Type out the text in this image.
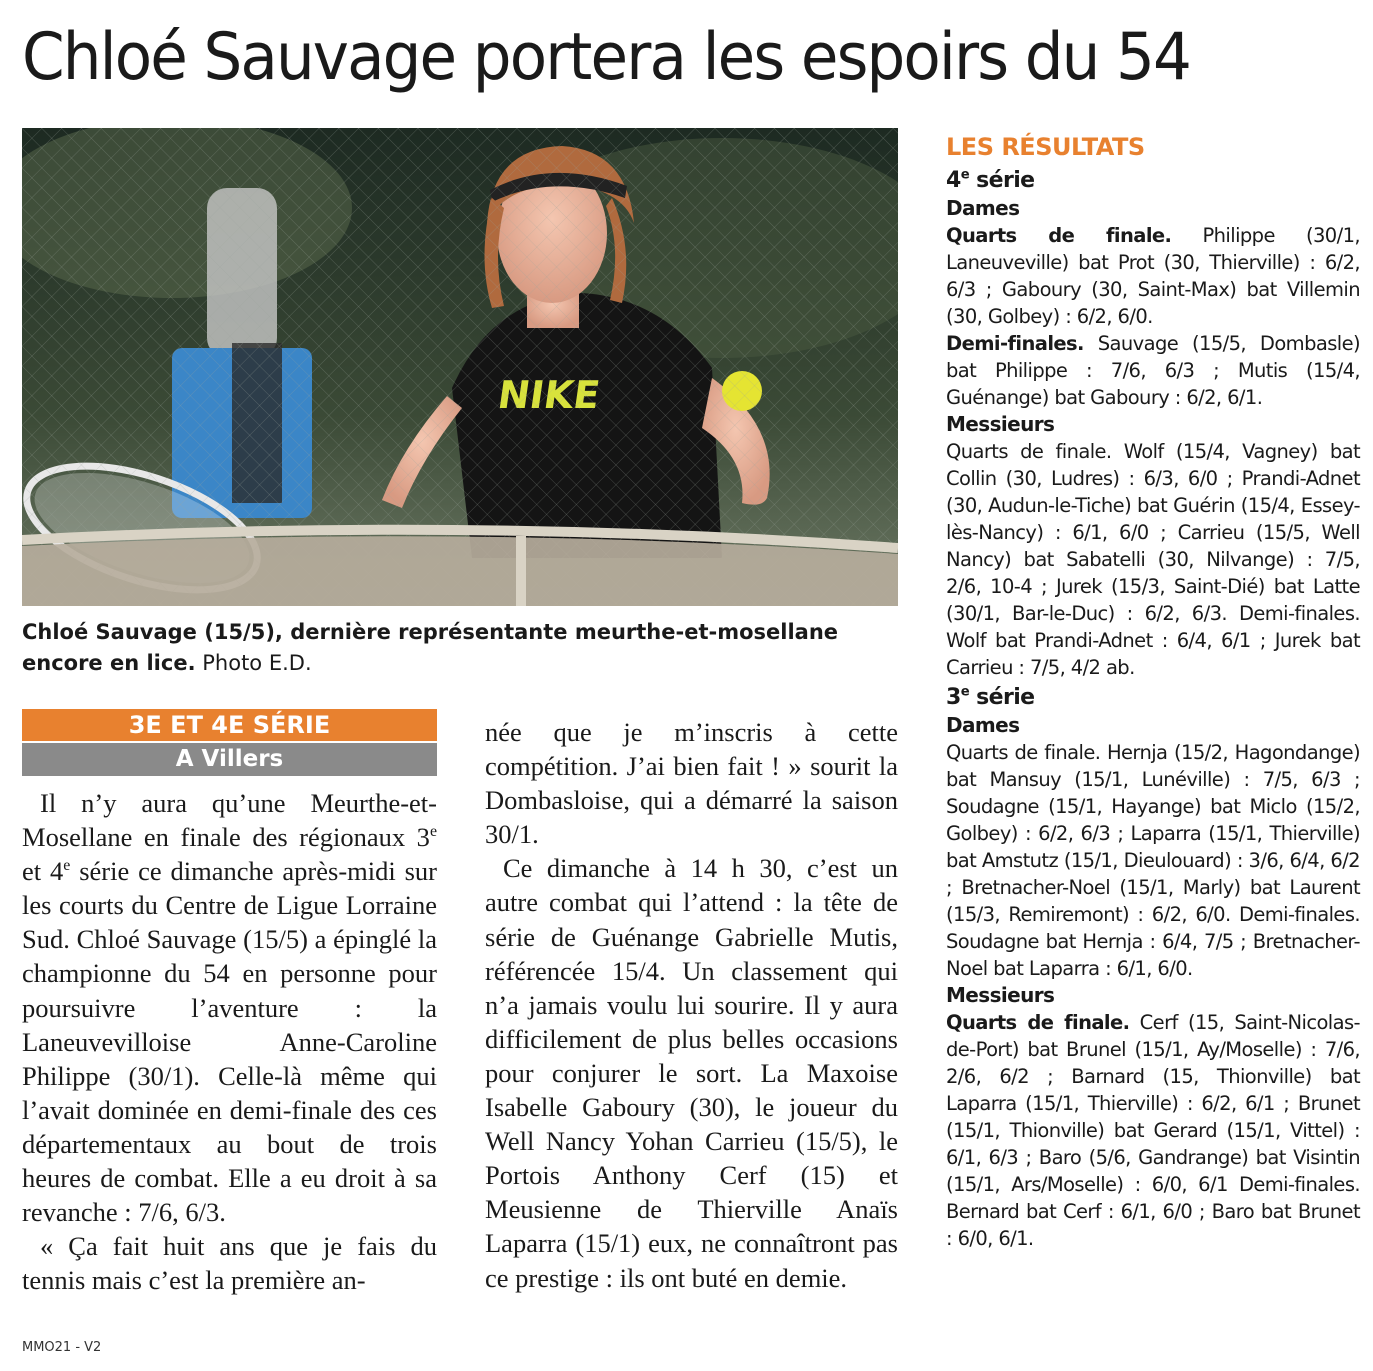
Chloé Sauvage portera les espoirs du 54
Chloé Sauvage (15/5), dernière représentante meurthe-et-mosellane encore en lice. Photo E.D.
3E ET 4E SÉRIE
A Villers

Il n’y aura qu’une Meurthe-et-Mosellane en finale des régionaux 3e et 4e série ce dimanche après-midi sur les courts du Centre de Ligue Lorraine Sud. Chloé Sauvage (15/5) a épinglé la championne du 54 en personne pour poursuivre l’aventure : la Laneuvevilloise Anne-Caroline Philippe (30/1). Celle-là même qui l’avait dominée en demi-finale des ces départementaux au bout de trois heures de combat. Elle a eu droit à sa revanche : 7/6, 6/3.

« Ça fait huit ans que je fais du tennis mais c’est la première an-

née que je m’inscris à cette compétition. J’ai bien fait ! » sourit la Dombasloise, qui a démarré la saison 30/1.

Ce dimanche à 14 h 30, c’est un autre combat qui l’attend : la tête de série de Guénange Gabrielle Mutis, référencée 15/4. Un classement qui n’a jamais voulu lui sourire. Il y aura difficilement de plus belles occasions pour conjurer le sort. La Maxoise Isabelle Gaboury (30), le joueur du Well Nancy Yohan Carrieu (15/5), le Portois Anthony Cerf (15) et Meusienne de Thierville Anaïs Laparra (15/1) eux, ne connaîtront pas ce prestige : ils ont buté en demie.

LES RÉSULTATS
4e série
Dames
Quarts de finale. Philippe (30/1, Laneuveville) bat Prot (30, Thierville) : 6/2, 6/3 ; Gaboury (30, Saint-Max) bat Villemin (30, Golbey) : 6/2, 6/0.
Demi-finales. Sauvage (15/5, Dombasle) bat Philippe : 7/6, 6/3 ; Mutis (15/4, Guénange) bat Gaboury : 6/2, 6/1.
Messieurs
Quarts de finale. Wolf (15/4, Vagney) bat Collin (30, Ludres) : 6/3, 6/0 ; Prandi-Adnet (30, Audun-le-Tiche) bat Guérin (15/4, Essey-lès-Nancy) : 6/1, 6/0 ; Carrieu (15/5, Well Nancy) bat Sabatelli (30, Nilvange) : 7/5, 2/6, 10-4 ; Jurek (15/3, Saint-Dié) bat Latte (30/1, Bar-le-Duc) : 6/2, 6/3. Demi-finales. Wolf bat Prandi-Adnet : 6/4, 6/1 ; Jurek bat Carrieu : 7/5, 4/2 ab.
3e série
Dames
Quarts de finale. Hernja (15/2, Hagondange) bat Mansuy (15/1, Lunéville) : 7/5, 6/3 ; Soudagne (15/1, Hayange) bat Miclo (15/2, Golbey) : 6/2, 6/3 ; Laparra (15/1, Thierville) bat Amstutz (15/1, Dieulouard) : 3/6, 6/4, 6/2 ; Bretnacher-Noel (15/1, Marly) bat Laurent (15/3, Remiremont) : 6/2, 6/0. Demi-finales. Soudagne bat Hernja : 6/4, 7/5 ; Bretnacher-Noel bat Laparra : 6/1, 6/0.
Messieurs
Quarts de finale. Cerf (15, Saint-Nicolas-de-Port) bat Brunel (15/1, Ay/Moselle) : 7/6, 2/6, 6/2 ; Barnard (15, Thionville) bat Laparra (15/1, Thierville) : 6/2, 6/1 ; Brunet (15/1, Thionville) bat Gerard (15/1, Vittel) : 6/1, 6/3 ; Baro (5/6, Gandrange) bat Visintin (15/1, Ars/Moselle) : 6/0, 6/1 Demi-finales. Bernard bat Cerf : 6/1, 6/0 ; Baro bat Brunet : 6/0, 6/1.
MMO21 - V2
